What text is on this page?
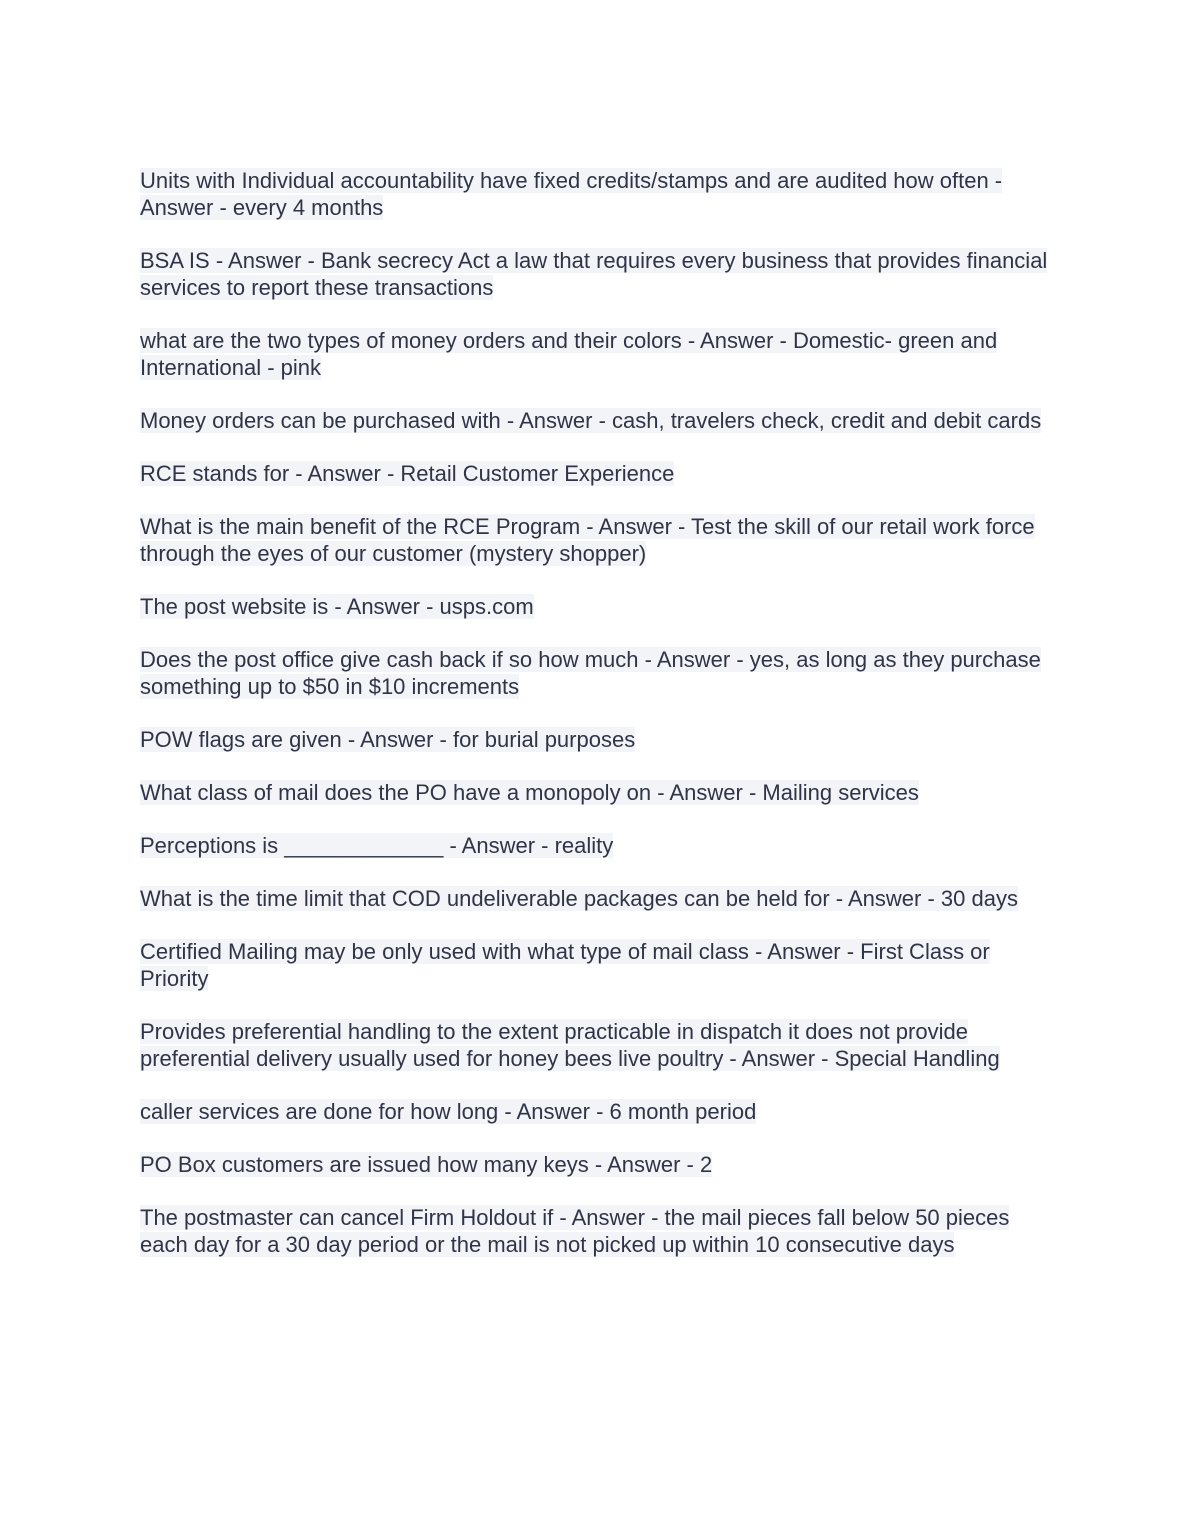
Units with Individual accountability have fixed credits/stamps and are audited how often - Answer - every 4 months

BSA IS - Answer - Bank secrecy Act a law that requires every business that provides financial services to report these transactions

what are the two types of money orders and their colors - Answer - Domestic- green and International - pink

Money orders can be purchased with - Answer - cash, travelers check, credit and debit cards

RCE stands for - Answer - Retail Customer Experience

What is the main benefit of the RCE Program - Answer - Test the skill of our retail work force through the eyes of our customer (mystery shopper)

The post website is - Answer - usps.com

Does the post office give cash back if so how much - Answer - yes, as long as they purchase something up to $50 in $10 increments

POW flags are given - Answer - for burial purposes

What class of mail does the PO have a monopoly on - Answer - Mailing services

Perceptions is _____________ - Answer - reality

What is the time limit that COD undeliverable packages can be held for - Answer - 30 days

Certified Mailing may be only used with what type of mail class - Answer - First Class or Priority

Provides preferential handling to the extent practicable in dispatch it does not provide preferential delivery usually used for honey bees live poultry - Answer - Special Handling

caller services are done for how long - Answer - 6 month period

PO Box customers are issued how many keys - Answer - 2

The postmaster can cancel Firm Holdout if - Answer - the mail pieces fall below 50 pieces each day for a 30 day period or the mail is not picked up within 10 consecutive days
